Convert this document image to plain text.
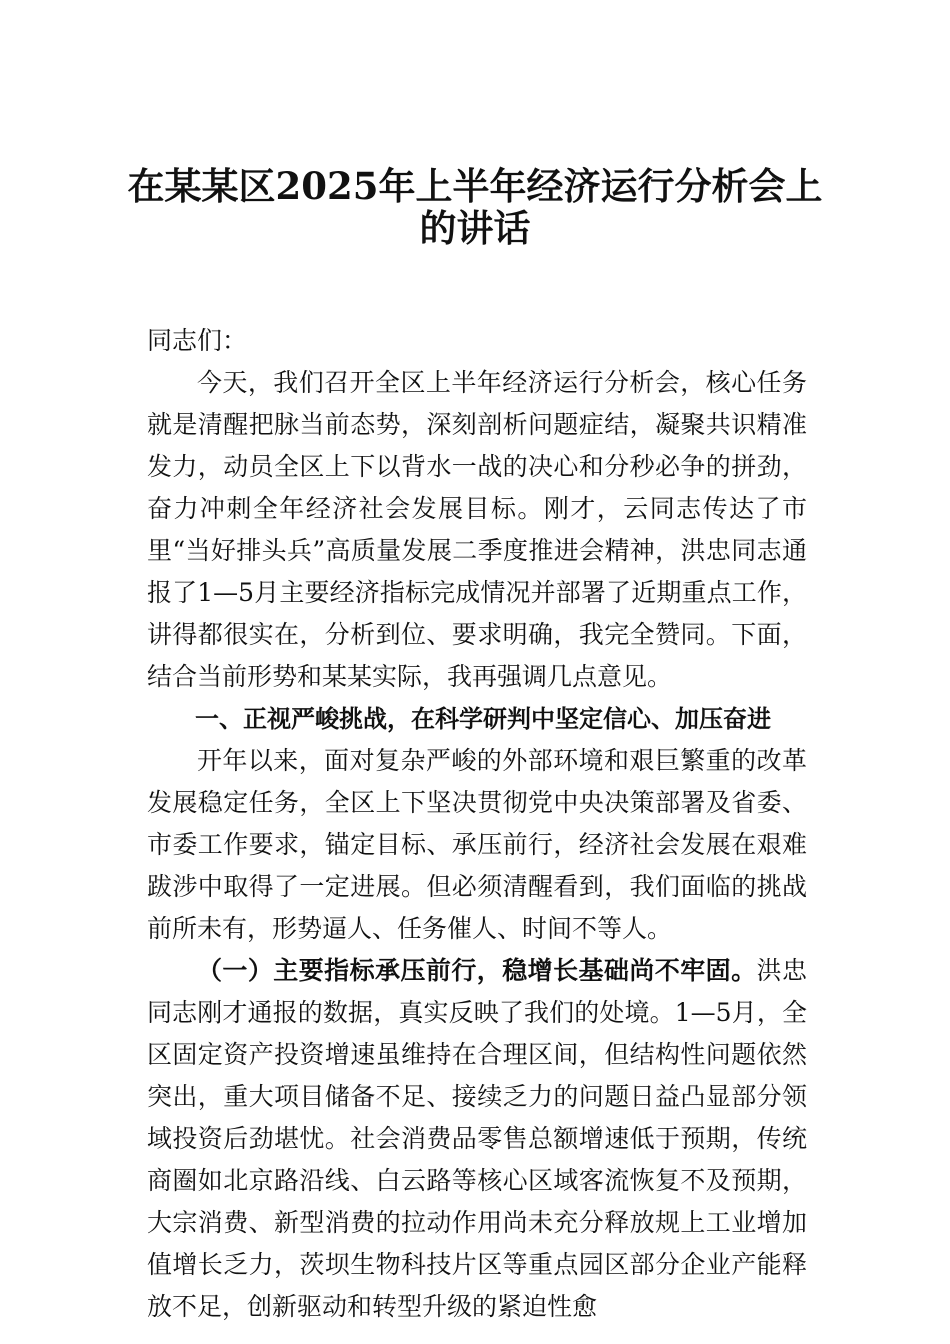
在某某区2025年上半年经济运行分析会上
的讲话

同志们：

今天，我们召开全区上半年经济运行分析会，核心任务就是清醒把脉当前态势，深刻剖析问题症结，凝聚共识精准发力，动员全区上下以背水一战的决心和分秒必争的拼劲，奋力冲刺全年经济社会发展目标。刚才，云同志传达了市里“当好排头兵”高质量发展二季度推进会精神，洪忠同志通报了1—5月主要经济指标完成情况并部署了近期重点工作，讲得都很实在，分析到位、要求明确，我完全赞同。下面，结合当前形势和某某实际，我再强调几点意见。

一、正视严峻挑战，在科学研判中坚定信心、加压奋进

开年以来，面对复杂严峻的外部环境和艰巨繁重的改革发展稳定任务，全区上下坚决贯彻党中央决策部署及省委、市委工作要求，锚定目标、承压前行，经济社会发展在艰难跋涉中取得了一定进展。但必须清醒看到，我们面临的挑战前所未有，形势逼人、任务催人、时间不等人。

（一）主要指标承压前行，稳增长基础尚不牢固。洪忠同志刚才通报的数据，真实反映了我们的处境。1—5月，全区固定资产投资增速虽维持在合理区间，但结构性问题依然突出，重大项目储备不足、接续乏力的问题日益凸显部分领域投资后劲堪忧。社会消费品零售总额增速低于预期，传统商圈如北京路沿线、白云路等核心区域客流恢复不及预期，大宗消费、新型消费的拉动作用尚未充分释放规上工业增加值增长乏力，茨坝生物科技片区等重点园区部分企业产能释放不足，创新驱动和转型升级的紧迫性愈
